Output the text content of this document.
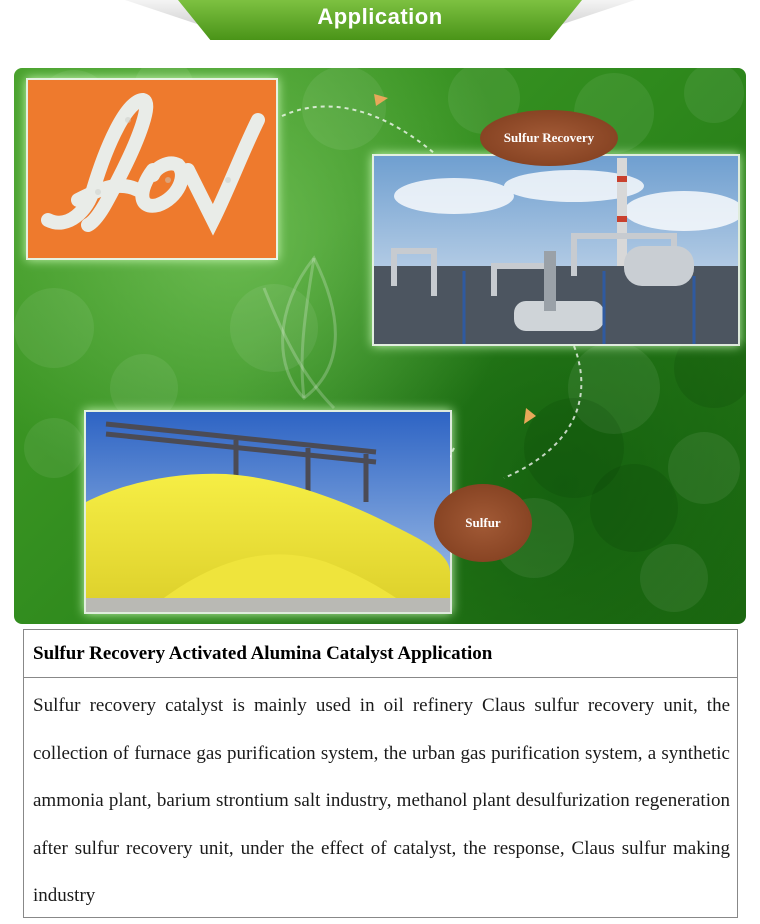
Application
Sulfur Recovery
Sulfur
Sulfur Recovery Activated Alumina Catalyst Application
Sulfur recovery catalyst is mainly used in oil refinery Claus sulfur recovery unit, the collection of furnace gas purification system, the urban gas purification system, a synthetic ammonia plant, barium strontium salt industry, methanol plant desulfurization regeneration after sulfur recovery unit, under the effect of catalyst, the response, Claus sulfur making industry
